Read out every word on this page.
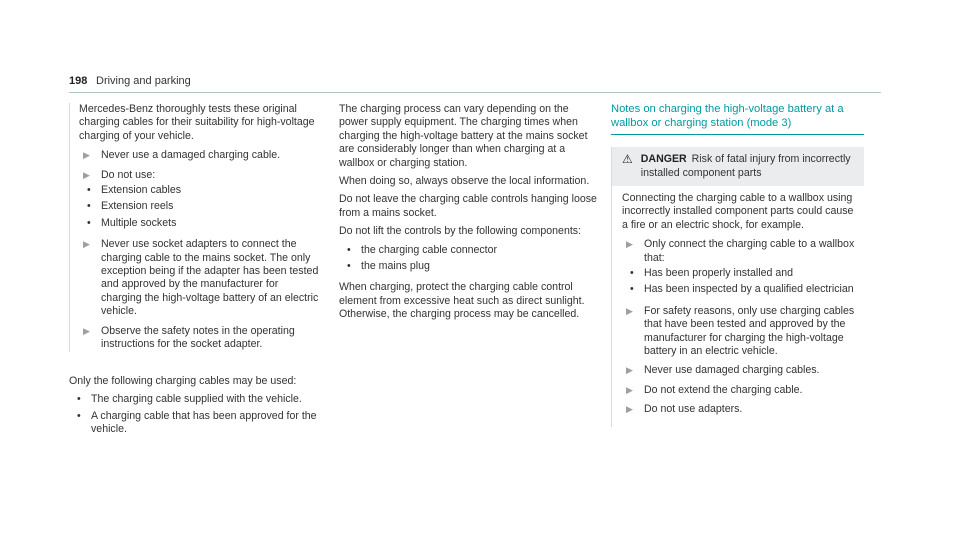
198 Driving and parking

Mercedes-Benz thoroughly tests these original charging cables for their suitability for high-voltage charging of your vehicle.

▶ Never use a damaged charging cable.
▶ Do not use:
• Extension cables
• Extension reels
• Multiple sockets
▶ Never use socket adapters to connect the charging cable to the mains socket. The only exception being if the adapter has been tested and approved by the manufacturer for charging the high-voltage battery of an electric vehicle.
▶ Observe the safety notes in the operating instructions for the socket adapter.

Only the following charging cables may be used:

• The charging cable supplied with the vehicle.
• A charging cable that has been approved for the vehicle.

The charging process can vary depending on the power supply equipment. The charging times when charging the high-voltage battery at the mains socket are considerably longer than when charging at a wallbox or charging station.

When doing so, always observe the local information.

Do not leave the charging cable controls hanging loose from a mains socket.

Do not lift the controls by the following components:

• the charging cable connector
• the mains plug

When charging, protect the charging cable control element from excessive heat such as direct sunlight. Otherwise, the charging process may be cancelled.

Notes on charging the high-voltage battery at a wallbox or charging station (mode 3)
⚠ DANGER Risk of fatal injury from incorrectly installed component parts

Connecting the charging cable to a wallbox using incorrectly installed component parts could cause a fire or an electric shock, for example.

▶ Only connect the charging cable to a wallbox that:
• Has been properly installed and
• Has been inspected by a qualified electrician
▶ For safety reasons, only use charging cables that have been tested and approved by the manufacturer for charging the high-voltage battery in an electric vehicle.
▶ Never use damaged charging cables.
▶ Do not extend the charging cable.
▶ Do not use adapters.
